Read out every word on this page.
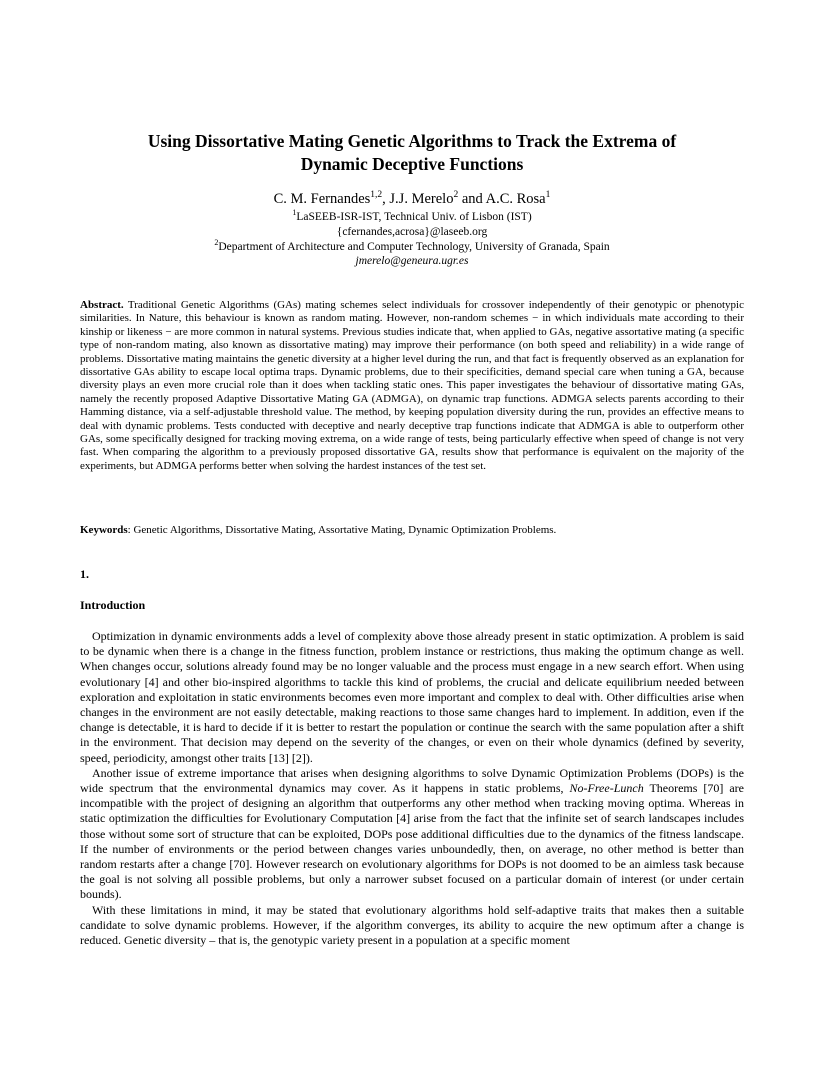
Using Dissortative Mating Genetic Algorithms to Track the Extrema of
Dynamic Deceptive Functions

C. M. Fernandes$^{1,2}$, J.J. Merelo$^2$ and A.C. Rosa$^1$

$^1$LaSEEB-ISR-IST, Technical Univ. of Lisbon (IST)

{cfernandes,acrosa}@laseeb.org

$^2$Department of Architecture and Computer Technology, University of Granada, Spain

jmerelo@geneura.ugr.es

Abstract. Traditional Genetic Algorithms (GAs) mating schemes select individuals for crossover independently of their genotypic or phenotypic similarities. In Nature, this behaviour is known as random mating. However, non-random schemes − in which individuals mate according to their kinship or likeness − are more common in natural systems. Previous studies indicate that, when applied to GAs, negative assortative mating (a specific type of non-random mating, also known as dissortative mating) may improve their performance (on both speed and reliability) in a wide range of problems. Dissortative mating maintains the genetic diversity at a higher level during the run, and that fact is frequently observed as an explanation for dissortative GAs ability to escape local optima traps. Dynamic problems, due to their specificities, demand special care when tuning a GA, because diversity plays an even more crucial role than it does when tackling static ones. This paper investigates the behaviour of dissortative mating GAs, namely the recently proposed Adaptive Dissortative Mating GA (ADMGA), on dynamic trap functions. ADMGA selects parents according to their Hamming distance, via a self-adjustable threshold value. The method, by keeping population diversity during the run, provides an effective means to deal with dynamic problems. Tests conducted with deceptive and nearly deceptive trap functions indicate that ADMGA is able to outperform other GAs, some specifically designed for tracking moving extrema, on a wide range of tests, being particularly effective when speed of change is not very fast. When comparing the algorithm to a previously proposed dissortative GA, results show that performance is equivalent on the majority of the experiments, but ADMGA performs better when solving the hardest instances of the test set.

Keywords: Genetic Algorithms, Dissortative Mating, Assortative Mating, Dynamic Optimization Problems.

1.

Introduction

Optimization in dynamic environments adds a level of complexity above those already present in static optimization. A problem is said to be dynamic when there is a change in the fitness function, problem instance or restrictions, thus making the optimum change as well. When changes occur, solutions already found may be no longer valuable and the process must engage in a new search effort. When using evolutionary [4] and other bio-inspired algorithms to tackle this kind of problems, the crucial and delicate equilibrium needed between exploration and exploitation in static environments becomes even more important and complex to deal with. Other difficulties arise when changes in the environment are not easily detectable, making reactions to those same changes hard to implement. In addition, even if the change is detectable, it is hard to decide if it is better to restart the population or continue the search with the same population after a shift in the environment. That decision may depend on the severity of the changes, or even on their whole dynamics (defined by severity, speed, periodicity, amongst other traits [13] [2]).

Another issue of extreme importance that arises when designing algorithms to solve Dynamic Optimization Problems (DOPs) is the wide spectrum that the environmental dynamics may cover. As it happens in static problems, No-Free-Lunch Theorems [70] are incompatible with the project of designing an algorithm that outperforms any other method when tracking moving optima. Whereas in static optimization the difficulties for Evolutionary Computation [4] arise from the fact that the infinite set of search landscapes includes those without some sort of structure that can be exploited, DOPs pose additional difficulties due to the dynamics of the fitness landscape. If the number of environments or the period between changes varies unboundedly, then, on average, no other method is better than random restarts after a change [70]. However research on evolutionary algorithms for DOPs is not doomed to be an aimless task because the goal is not solving all possible problems, but only a narrower subset focused on a particular domain of interest (or under certain bounds).

With these limitations in mind, it may be stated that evolutionary algorithms hold self-adaptive traits that makes then a suitable candidate to solve dynamic problems. However, if the algorithm converges, its ability to acquire the new optimum after a change is reduced. Genetic diversity – that is, the genotypic variety present in a population at a specific moment
